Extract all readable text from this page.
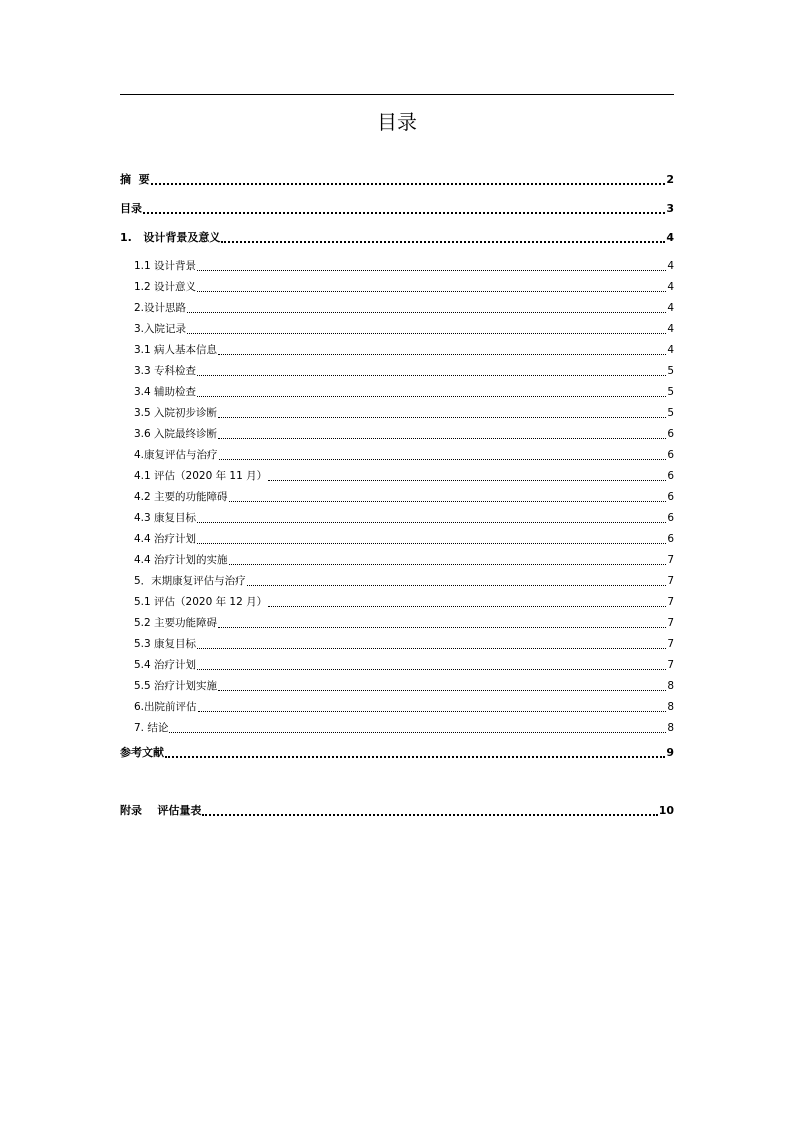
目录
摘  要	2
目录	3
1.   设计背景及意义	4
1.1 设计背景	4
1.2 设计意义	4
2.设计思路	4
3.入院记录	4
3.1 病人基本信息	4
3.3 专科检查	5
3.4 辅助检查	5
3.5 入院初步诊断	5
3.6 入院最终诊断	6
4.康复评估与治疗	6
4.1 评估（2020 年 11 月）	6
4.2 主要的功能障碍	6
4.3 康复目标	6
4.4 治疗计划	6
4.4 治疗计划的实施	7
5．末期康复评估与治疗	7
5.1 评估（2020 年 12 月）	7
5.2 主要功能障碍	7
5.3 康复目标	7
5.4 治疗计划	7
5.5 治疗计划实施	8
6.出院前评估	8
7. 结论	8
参考文献	9
附录    评估量表	10
